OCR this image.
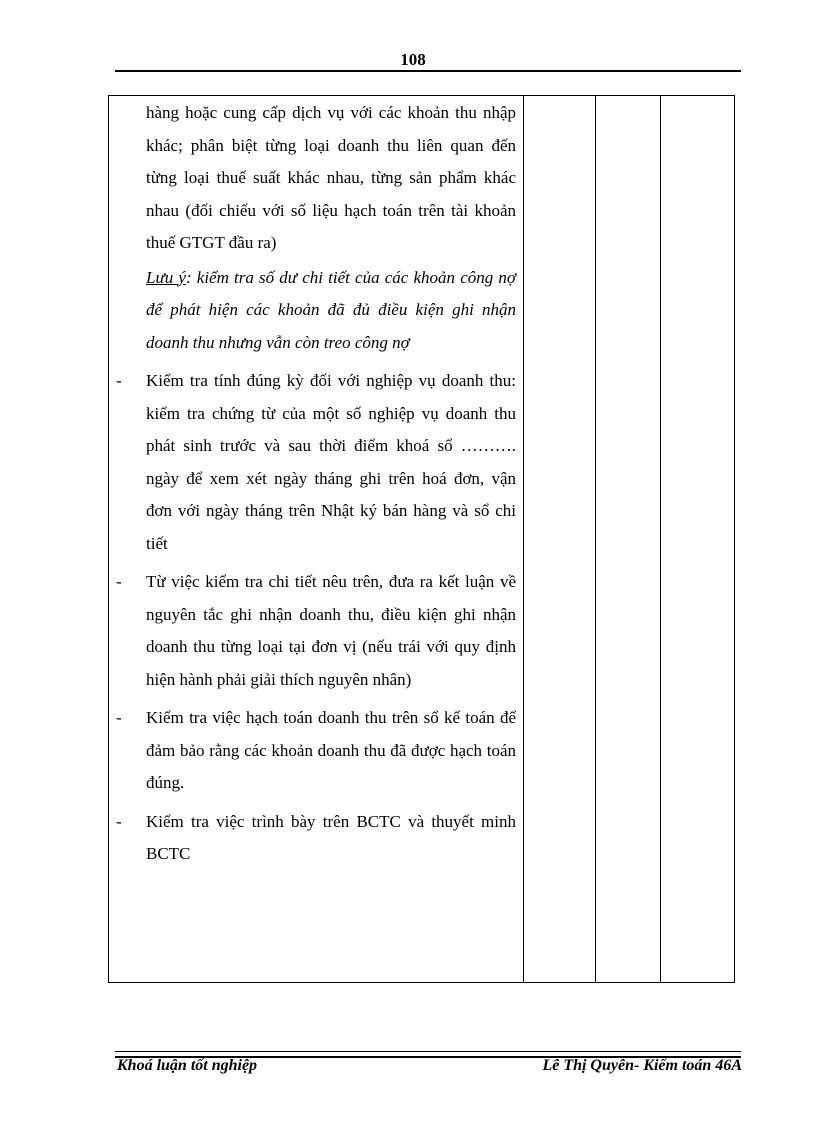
108
hàng hoặc cung cấp dịch vụ với các khoản thu nhập khác; phân biệt từng loại doanh thu liên quan đến từng loại thuế suất khác nhau, từng sản phẩm khác nhau (đối chiếu với số liệu hạch toán trên tài khoản thuế GTGT đầu ra)
Lưu ý: kiểm tra số dư chi tiết của các khoản công nợ để phát hiện các khoản đã đủ điều kiện ghi nhận doanh thu nhưng vẫn còn treo công nợ
- Kiểm tra tính đúng kỳ đối với nghiệp vụ doanh thu: kiểm tra chứng từ của một số nghiệp vụ doanh thu phát sinh trước và sau thời điểm khoá sổ ………. ngày để xem xét ngày tháng ghi trên hoá đơn, vận đơn với ngày tháng trên Nhật ký bán hàng và sổ chi tiết
- Từ việc kiểm tra chi tiết nêu trên, đưa ra kết luận về nguyên tắc ghi nhận doanh thu, điều kiện ghi nhận doanh thu từng loại tại đơn vị (nếu trái với quy định hiện hành phải giải thích nguyên nhân)
- Kiểm tra việc hạch toán doanh thu trên sổ kế toán để đảm bảo rằng các khoản doanh thu đã được hạch toán đúng.
- Kiểm tra việc trình bày trên BCTC và thuyết minh BCTC
Khoá luận tốt nghiệp	Lê Thị Quyên- Kiểm toán 46A
